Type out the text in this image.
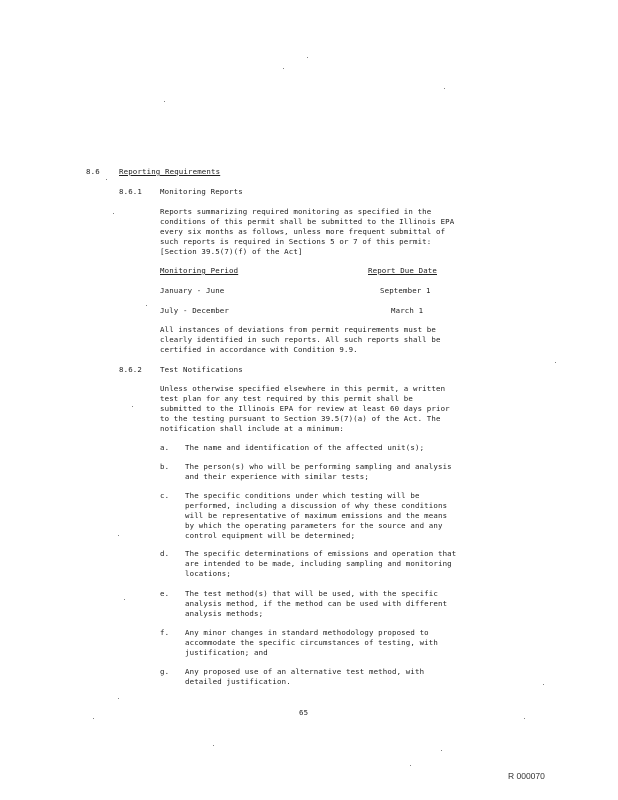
8.6	Reporting Requirements
8.6.1 Monitoring Reports
Reports summarizing required monitoring as specified in the
conditions of this permit shall be submitted to the Illinois EPA
every six months as follows, unless more frequent submittal of
such reports is required in Sections 5 or 7 of this permit:
[Section 39.5(7)(f) of the Act]
Monitoring Period	Report Due Date
January - June	September 1
July - December	March 1
All instances of deviations from permit requirements must be
clearly identified in such reports. All such reports shall be
certified in accordance with Condition 9.9.
8.6.2 Test Notifications
Unless otherwise specified elsewhere in this permit, a written
test plan for any test required by this permit shall be
submitted to the Illinois EPA for review at least 60 days prior
to the testing pursuant to Section 39.5(7)(a) of the Act. The
notification shall include at a minimum:
a. The name and identification of the affected unit(s);
b. The person(s) who will be performing sampling and analysis
and their experience with similar tests;
c. The specific conditions under which testing will be
performed, including a discussion of why these conditions
will be representative of maximum emissions and the means
by which the operating parameters for the source and any
control equipment will be determined;
d. The specific determinations of emissions and operation that
are intended to be made, including sampling and monitoring
locations;
e. The test method(s) that will be used, with the specific
analysis method, if the method can be used with different
analysis methods;
f. Any minor changes in standard methodology proposed to
accommodate the specific circumstances of testing, with
justification; and
g. Any proposed use of an alternative test method, with
detailed justification.
65
R 000070
